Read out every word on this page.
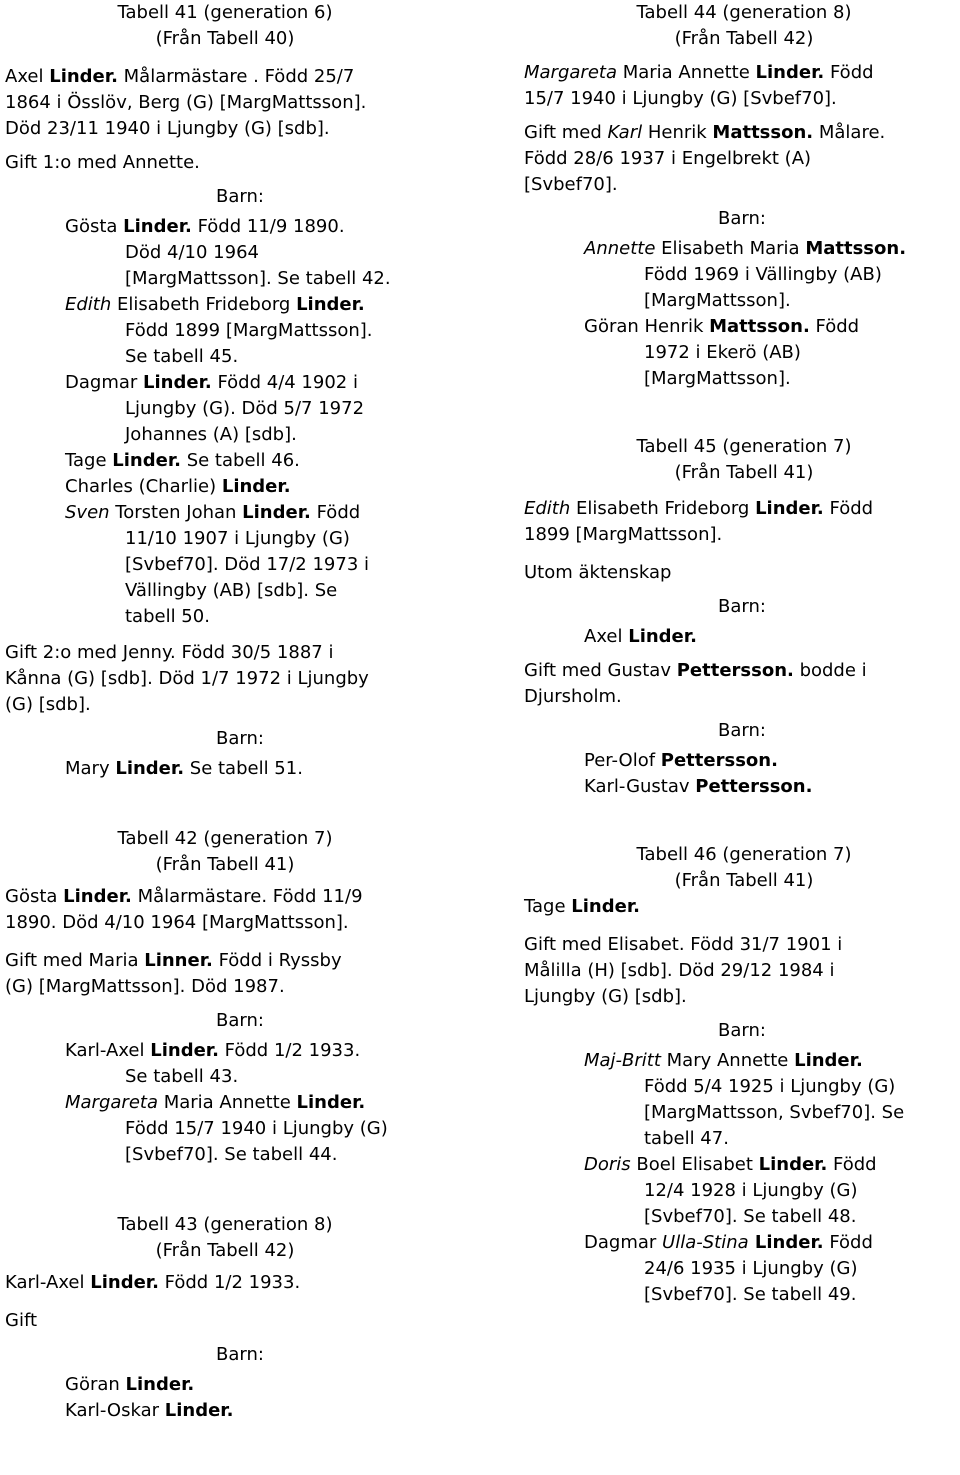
Tabell 41 (generation 6)
(Från Tabell 40)
Axel Linder. Målarmästare . Född 25/7
1864 i Össlöv, Berg (G) [MargMattsson].
Död 23/11 1940 i Ljungby (G) [sdb].
Gift 1:o med Annette.
Barn:
Gösta Linder. Född 11/9 1890.
Död 4/10 1964
[MargMattsson]. Se tabell 42.
Edith Elisabeth Frideborg Linder.
Född 1899 [MargMattsson].
Se tabell 45.
Dagmar Linder. Född 4/4 1902 i
Ljungby (G). Död 5/7 1972
Johannes (A) [sdb].
Tage Linder. Se tabell 46.
Charles (Charlie) Linder.
Sven Torsten Johan Linder. Född
11/10 1907 i Ljungby (G)
[Svbef70]. Död 17/2 1973 i
Vällingby (AB) [sdb]. Se
tabell 50.
Gift 2:o med Jenny. Född 30/5 1887 i
Kånna (G) [sdb]. Död 1/7 1972 i Ljungby
(G) [sdb].
Barn:
Mary Linder. Se tabell 51.
Tabell 42 (generation 7)
(Från Tabell 41)
Gösta Linder. Målarmästare. Född 11/9
1890. Död 4/10 1964 [MargMattsson].
Gift med Maria Linner. Född i Ryssby
(G) [MargMattsson]. Död 1987.
Barn:
Karl-Axel Linder. Född 1/2 1933.
Se tabell 43.
Margareta Maria Annette Linder.
Född 15/7 1940 i Ljungby (G)
[Svbef70]. Se tabell 44.
Tabell 43 (generation 8)
(Från Tabell 42)
Karl-Axel Linder. Född 1/2 1933.
Gift
Barn:
Göran Linder.
Karl-Oskar Linder.
Tabell 44 (generation 8)
(Från Tabell 42)
Margareta Maria Annette Linder. Född
15/7 1940 i Ljungby (G) [Svbef70].
Gift med Karl Henrik Mattsson. Målare.
Född 28/6 1937 i Engelbrekt (A)
[Svbef70].
Barn:
Annette Elisabeth Maria Mattsson.
Född 1969 i Vällingby (AB)
[MargMattsson].
Göran Henrik Mattsson. Född
1972 i Ekerö (AB)
[MargMattsson].
Tabell 45 (generation 7)
(Från Tabell 41)
Edith Elisabeth Frideborg Linder. Född
1899 [MargMattsson].
Utom äktenskap
Barn:
Axel Linder.
Gift med Gustav Pettersson. bodde i
Djursholm.
Barn:
Per-Olof Pettersson.
Karl-Gustav Pettersson.
Tabell 46 (generation 7)
(Från Tabell 41)
Tage Linder.
Gift med Elisabet. Född 31/7 1901 i
Målilla (H) [sdb]. Död 29/12 1984 i
Ljungby (G) [sdb].
Barn:
Maj-Britt Mary Annette Linder.
Född 5/4 1925 i Ljungby (G)
[MargMattsson, Svbef70]. Se
tabell 47.
Doris Boel Elisabet Linder. Född
12/4 1928 i Ljungby (G)
[Svbef70]. Se tabell 48.
Dagmar Ulla-Stina Linder. Född
24/6 1935 i Ljungby (G)
[Svbef70]. Se tabell 49.
